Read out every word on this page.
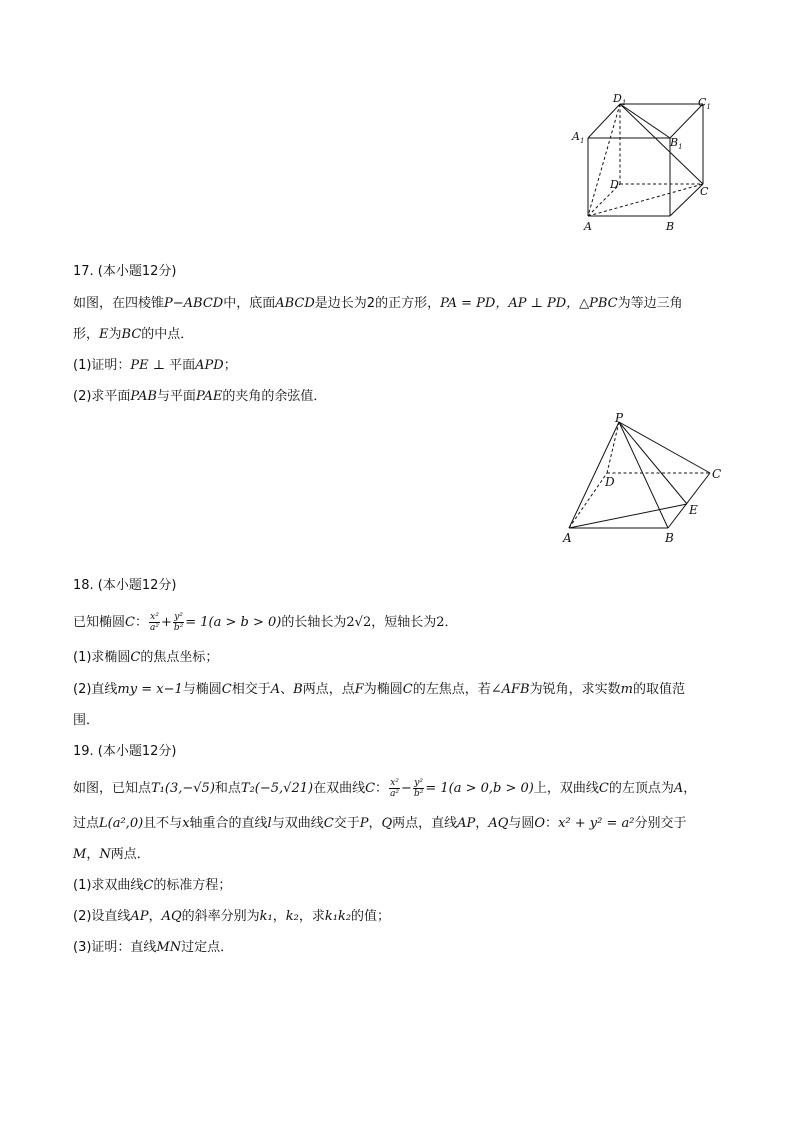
$D_1$	$C_1$
$A_1$	$B_1$
D
C
A	B
17. (本小题12分)
如图，在四棱锥P−ABCD中，底面ABCD是边长为2的正方形，PA = PD，AP ⊥ PD，△PBC为等边三角
形，E为BC的中点．
(1)证明：PE ⊥ 平面APD；
(2)求平面PAB与平面PAE的夹角的余弦值．
P
D
C
E
A	B
18. (本小题12分)
已知椭圆C： $\frac{\text{x²}}{\text{a²}} + \frac{\text{y²}}{\text{b²}} = 1(a > b > 0)$的长轴长为2√2，短轴长为2．
(1)求椭圆C的焦点坐标；
(2)直线my = x−1与椭圆C相交于A、B两点，点F为椭圆C的左焦点，若∠AFB为锐角，求实数m的取值范
围．
19. (本小题12分)
如图，已知点T₁(3,−√5)和点T₂(−5,√21)在双曲线C： $\frac{\text{x²}}{\text{a²}} - \frac{\text{y²}}{\text{b²}} = 1(a > 0,b > 0)$上，双曲线C的左顶点为A，
过点L(a²,0)且不与x轴重合的直线l与双曲线C交于P，Q两点，直线AP，AQ与圆O：x² + y² = a²分别交于
M，N两点．
(1)求双曲线C的标准方程；
(2)设直线AP，AQ的斜率分别为k₁，k₂，求k₁k₂的值；
(3)证明：直线MN过定点．
